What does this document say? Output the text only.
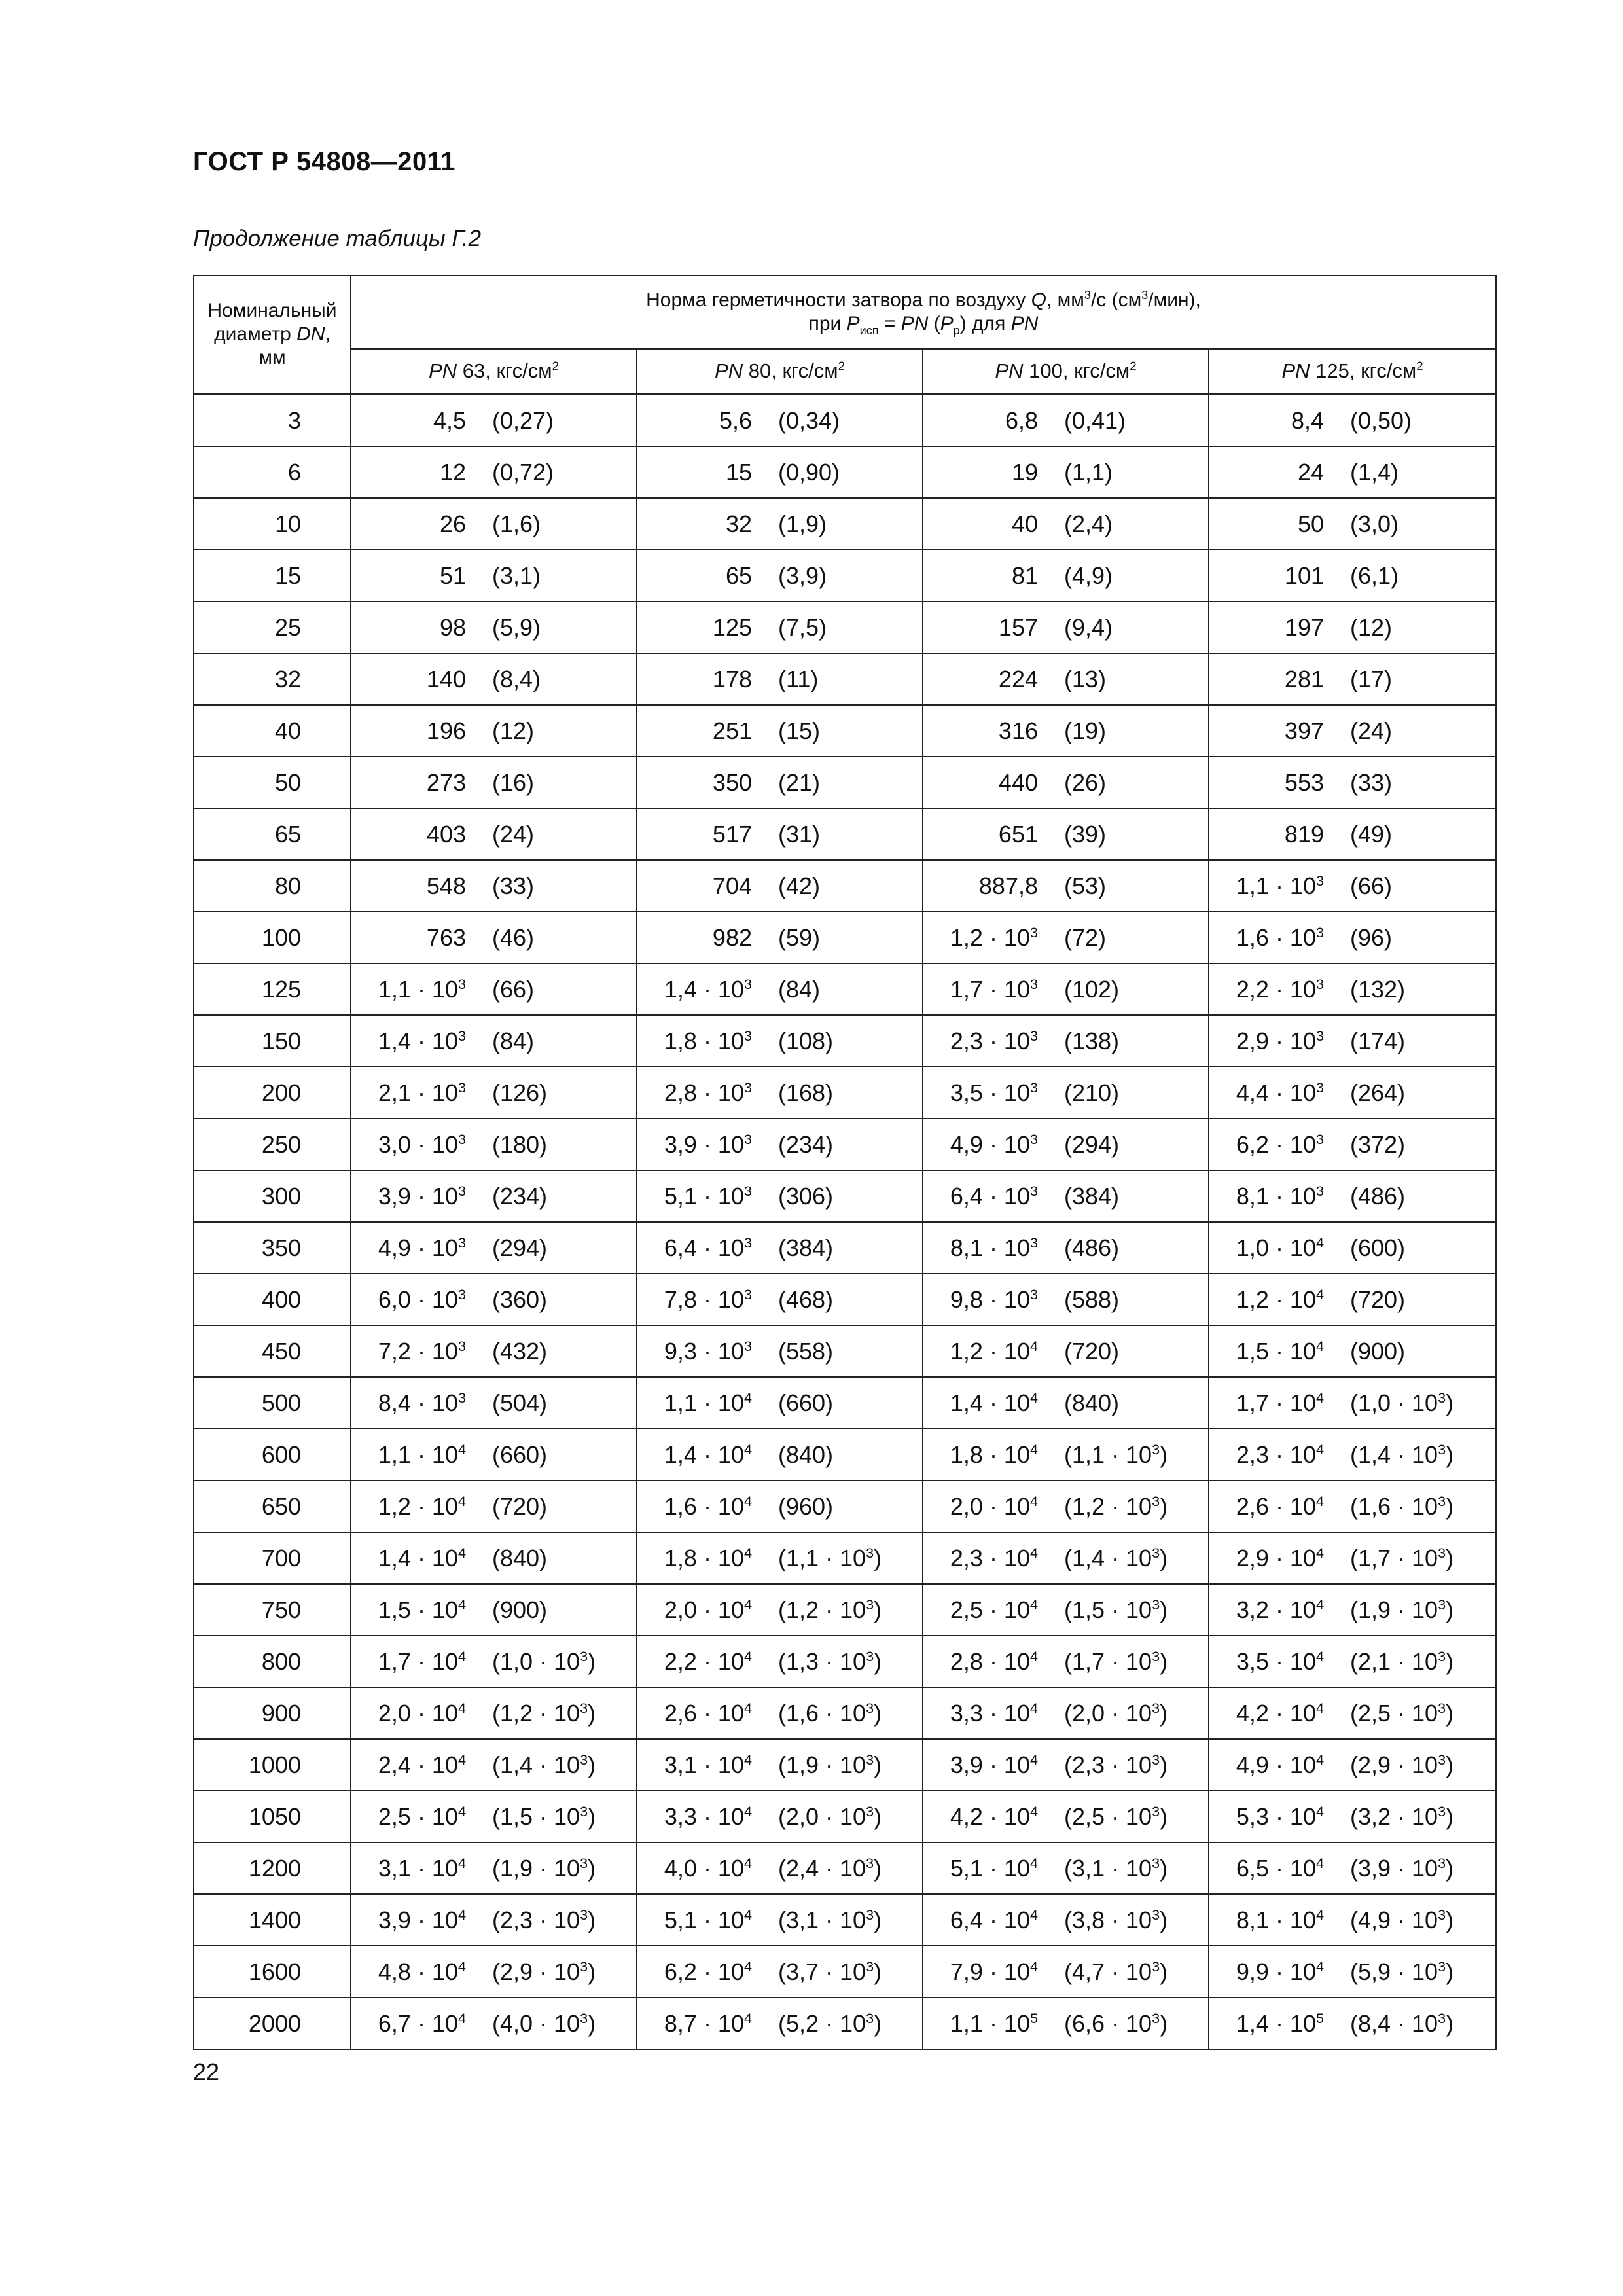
ГОСТ Р 54808—2011
Продолжение таблицы Г.2
Номинальный
диаметр DN,
мм	Норма герметичности затвора по воздуху Q, $мм^3/с$ $(см^3/мин)$,
при $P_{исп}$ = PN $(P_р)$ для PN			
	PN 63, кгс/$см^2$	PN 80, кгс/$см^2$	PN 100, кгс/$см^2$	PN 125, кгс/$см^2$
3	4,5 (0,27)	5,6 (0,34)	6,8 (0,41)	8,4 (0,50)

6	12 (0,72)	15 (0,90)	19 (1,1)	24 (1,4)

10	26 (1,6)	32 (1,9)	40 (2,4)	50 (3,0)

15	51 (3,1)	65 (3,9)	81 (4,9)	101 (6,1)

25	98 (5,9)	125 (7,5)	157 (9,4)	197 (12)

32	140 (8,4)	178 (11)	224 (13)	281 (17)

40	196 (12)	251 (15)	316 (19)	397 (24)

50	273 (16)	350 (21)	440 (26)	553 (33)

65	403 (24)	517 (31)	651 (39)	819 (49)

80	548 (33)	704 (42)	887,8 (53)	$1,1 \cdot 10^3$ (66)

100	763 (46)	982 (59)	$1,2 \cdot 10^3$ (72)	$1,6 \cdot 10^3$ (96)

125	$1,1 \cdot 10^3$ (66)	$1,4 \cdot 10^3$ (84)	$1,7 \cdot 10^3$ (102)	$2,2 \cdot 10^3$ (132)

150	$1,4 \cdot 10^3$ (84)	$1,8 \cdot 10^3$ (108)	$2,3 \cdot 10^3$ (138)	$2,9 \cdot 10^3$ (174)

200	$2,1 \cdot 10^3$ (126)	$2,8 \cdot 10^3$ (168)	$3,5 \cdot 10^3$ (210)	$4,4 \cdot 10^3$ (264)

250	$3,0 \cdot 10^3$ (180)	$3,9 \cdot 10^3$ (234)	$4,9 \cdot 10^3$ (294)	$6,2 \cdot 10^3$ (372)

300	$3,9 \cdot 10^3$ (234)	$5,1 \cdot 10^3$ (306)	$6,4 \cdot 10^3$ (384)	$8,1 \cdot 10^3$ (486)

350	$4,9 \cdot 10^3$ (294)	$6,4 \cdot 10^3$ (384)	$8,1 \cdot 10^3$ (486)	$1,0 \cdot 10^4$ (600)

400	$6,0 \cdot 10^3$ (360)	$7,8 \cdot 10^3$ (468)	$9,8 \cdot 10^3$ (588)	$1,2 \cdot 10^4$ (720)

450	$7,2 \cdot 10^3$ (432)	$9,3 \cdot 10^3$ (558)	$1,2 \cdot 10^4$ (720)	$1,5 \cdot 10^4$ (900)

500	$8,4 \cdot 10^3$ (504)	$1,1 \cdot 10^4$ (660)	$1,4 \cdot 10^4$ (840)	$1,7 \cdot 10^4$ $(1,0 \cdot 10^3)$

600	$1,1 \cdot 10^4$ (660)	$1,4 \cdot 10^4$ (840)	$1,8 \cdot 10^4$ $(1,1 \cdot 10^3)$	$2,3 \cdot 10^4$ $(1,4 \cdot 10^3)$

650	$1,2 \cdot 10^4$ (720)	$1,6 \cdot 10^4$ (960)	$2,0 \cdot 10^4$ $(1,2 \cdot 10^3)$	$2,6 \cdot 10^4$ $(1,6 \cdot 10^3)$

700	$1,4 \cdot 10^4$ (840)	$1,8 \cdot 10^4$ $(1,1 \cdot 10^3)$	$2,3 \cdot 10^4$ $(1,4 \cdot 10^3)$	$2,9 \cdot 10^4$ $(1,7 \cdot 10^3)$

750	$1,5 \cdot 10^4$ (900)	$2,0 \cdot 10^4$ $(1,2 \cdot 10^3)$	$2,5 \cdot 10^4$ $(1,5 \cdot 10^3)$	$3,2 \cdot 10^4$ $(1,9 \cdot 10^3)$

800	$1,7 \cdot 10^4$ $(1,0 \cdot 10^3)$	$2,2 \cdot 10^4$ $(1,3 \cdot 10^3)$	$2,8 \cdot 10^4$ $(1,7 \cdot 10^3)$	$3,5 \cdot 10^4$ $(2,1 \cdot 10^3)$

900	$2,0 \cdot 10^4$ $(1,2 \cdot 10^3)$	$2,6 \cdot 10^4$ $(1,6 \cdot 10^3)$	$3,3 \cdot 10^4$ $(2,0 \cdot 10^3)$	$4,2 \cdot 10^4$ $(2,5 \cdot 10^3)$

1000	$2,4 \cdot 10^4$ $(1,4 \cdot 10^3)$	$3,1 \cdot 10^4$ $(1,9 \cdot 10^3)$	$3,9 \cdot 10^4$ $(2,3 \cdot 10^3)$	$4,9 \cdot 10^4$ $(2,9 \cdot 10^3)$

1050	$2,5 \cdot 10^4$ $(1,5 \cdot 10^3)$	$3,3 \cdot 10^4$ $(2,0 \cdot 10^3)$	$4,2 \cdot 10^4$ $(2,5 \cdot 10^3)$	$5,3 \cdot 10^4$ $(3,2 \cdot 10^3)$

1200	$3,1 \cdot 10^4$ $(1,9 \cdot 10^3)$	$4,0 \cdot 10^4$ $(2,4 \cdot 10^3)$	$5,1 \cdot 10^4$ $(3,1 \cdot 10^3)$	$6,5 \cdot 10^4$ $(3,9 \cdot 10^3)$

1400	$3,9 \cdot 10^4$ $(2,3 \cdot 10^3)$	$5,1 \cdot 10^4$ $(3,1 \cdot 10^3)$	$6,4 \cdot 10^4$ $(3,8 \cdot 10^3)$	$8,1 \cdot 10^4$ $(4,9 \cdot 10^3)$

1600	$4,8 \cdot 10^4$ $(2,9 \cdot 10^3)$	$6,2 \cdot 10^4$ $(3,7 \cdot 10^3)$	$7,9 \cdot 10^4$ $(4,7 \cdot 10^3)$	$9,9 \cdot 10^4$ $(5,9 \cdot 10^3)$

2000	$6,7 \cdot 10^4$ $(4,0 \cdot 10^3)$	$8,7 \cdot 10^4$ $(5,2 \cdot 10^3)$	$1,1 \cdot 10^5$ $(6,6 \cdot 10^3)$	$1,4 \cdot 10^5$ $(8,4 \cdot 10^3)$
22
